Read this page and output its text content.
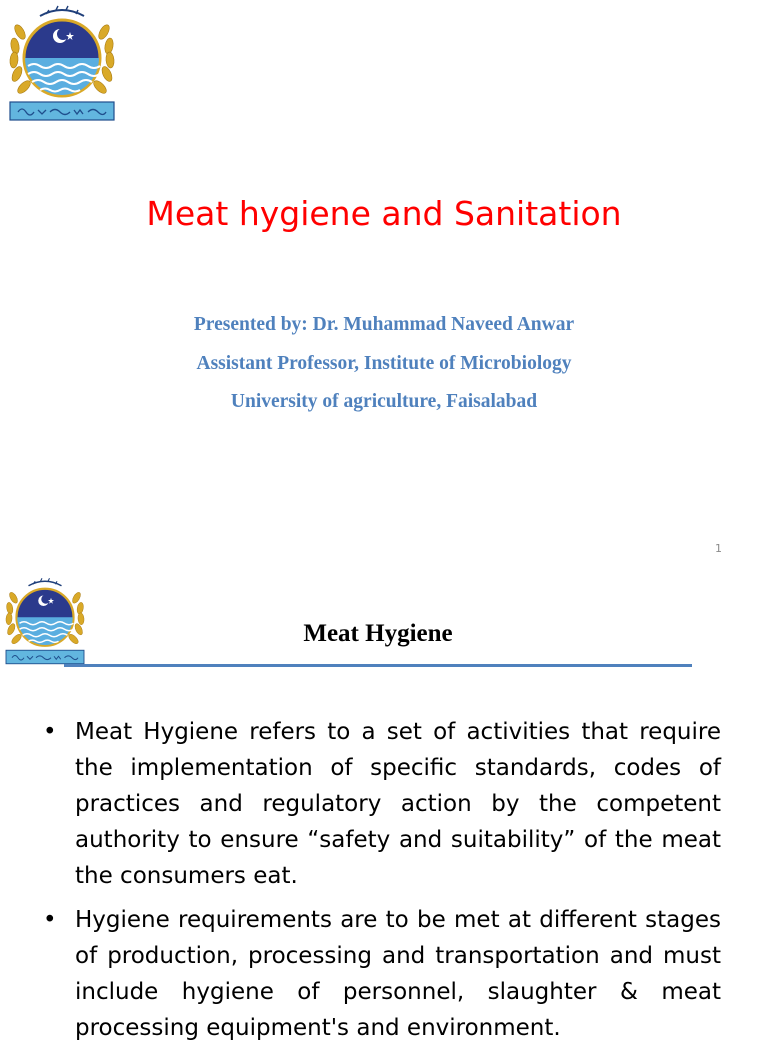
Meat hygiene and Sanitation
Presented by: Dr. Muhammad Naveed Anwar
Assistant Professor, Institute of Microbiology
University of agriculture, Faisalabad
1
Meat Hygiene
• Meat Hygiene refers to a set of activities that require the implementation of specific standards, codes of practices and regulatory action by the competent authority to ensure “safety and suitability” of the meat the consumers eat.
• Hygiene requirements are to be met at different stages of production, processing and transportation and must include hygiene of personnel, slaughter & meat processing equipment's and environment.
